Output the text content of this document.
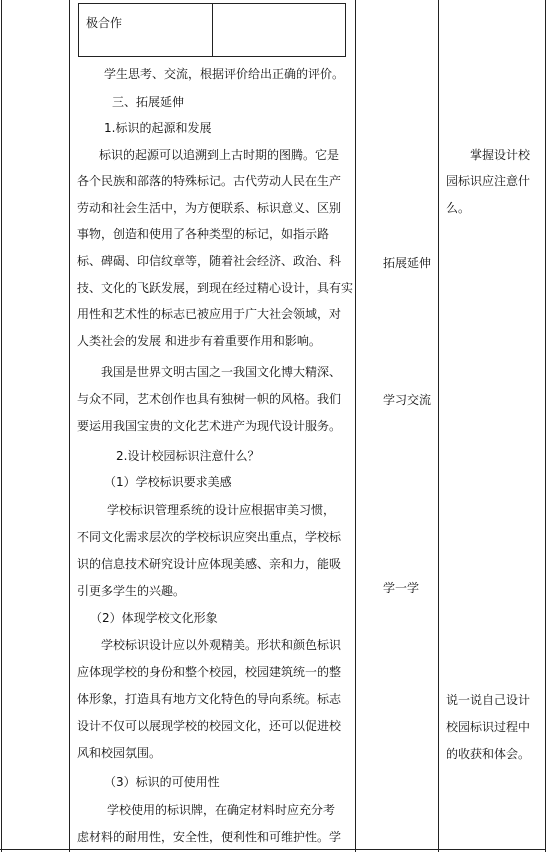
极合作
学生思考、交流，根据评价给出正确的评价。
三、拓展延伸
1.标识的起源和发展
标识的起源可以追溯到上古时期的图腾。它是
各个民族和部落的特殊标记。古代劳动人民在生产
劳动和社会生活中，为方便联系、标识意义、区别
事物，创造和使用了各种类型的标记，如指示路
标、碑碣、印信纹章等，随着社会经济、政治、科
技、文化的飞跃发展，到现在经过精心设计，具有实
用性和艺术性的标志已被应用于广大社会领域，对
人类社会的发展 和进步有着重要作用和影响。
我国是世界文明古国之一我国文化博大精深、
与众不同，艺术创作也具有独树一帜的风格。我们
要运用我国宝贵的文化艺术进产为现代设计服务。
2.设计校园标识注意什么？
（1）学校标识要求美感
学校标识管理系统的设计应根据审美习惯，
不同文化需求层次的学校标识应突出重点，学校标
识的信息技术研究设计应体现美感、亲和力，能吸
引更多学生的兴趣。
（2）体现学校文化形象
学校标识设计应以外观精美。形状和颜色标识
应体现学校的身份和整个校园，校园建筑统一的整
体形象，打造具有地方文化特色的导向系统。标志
设计不仅可以展现学校的校园文化，还可以促进校
风和校园氛围。
（3）标识的可使用性
学校使用的标识牌，在确定材料时应充分考
虑材料的耐用性，安全性，便利性和可维护性。学
拓展延伸
学习交流
学一学
掌握设计校
园标识应注意什
么。
说一说自己设计
校园标识过程中
的收获和体会。
